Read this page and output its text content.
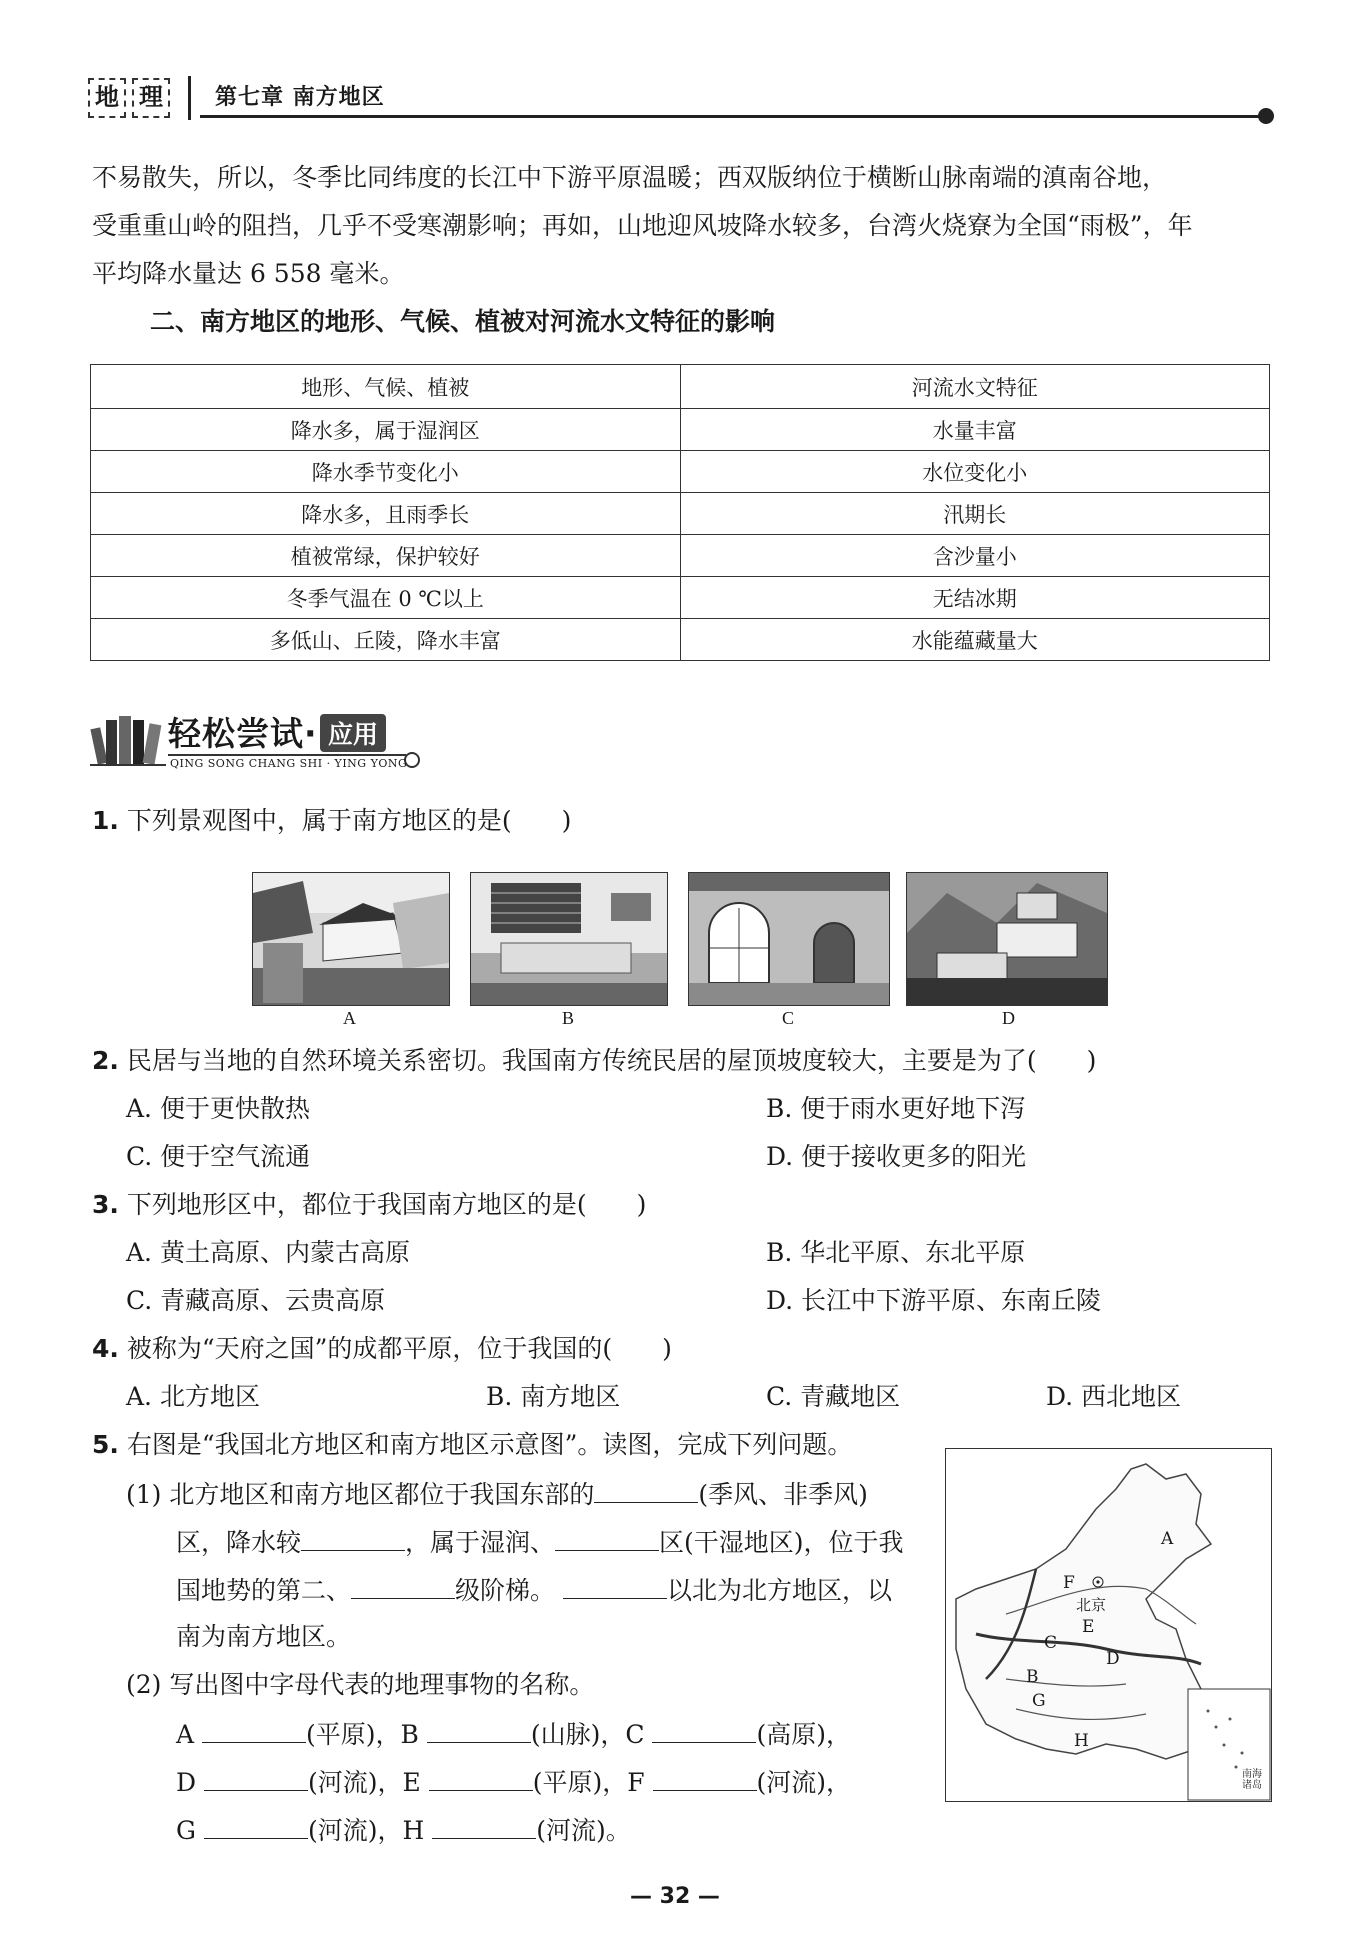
地 理	第七章 南方地区
不易散失，所以，冬季比同纬度的长江中下游平原温暖；西双版纳位于横断山脉南端的滇南谷地，
受重重山岭的阻挡，几乎不受寒潮影响；再如，山地迎风坡降水较多，台湾火烧寮为全国“雨极”，年
平均降水量达 6 558 毫米。
二、南方地区的地形、气候、植被对河流水文特征的影响
地形、气候、植被	河流水文特征
降水多，属于湿润区	水量丰富
降水季节变化小	水位变化小
降水多，且雨季长	汛期长
植被常绿，保护较好	含沙量小
冬季气温在 0 ℃以上	无结冰期
多低山、丘陵，降水丰富	水能蕴藏量大
轻松尝试· 应用
QING SONG CHANG SHI · YING YONG
1. 下列景观图中，属于南方地区的是(　　)
A	B	C	D
2. 民居与当地的自然环境关系密切。我国南方传统民居的屋顶坡度较大，主要是为了(　　)
A. 便于更快散热	B. 便于雨水更好地下泻
C. 便于空气流通	D. 便于接收更多的阳光
3. 下列地形区中，都位于我国南方地区的是(　　)
A. 黄土高原、内蒙古高原	B. 华北平原、东北平原
C. 青藏高原、云贵高原	D. 长江中下游平原、东南丘陵
4. 被称为“天府之国”的成都平原，位于我国的(　　)
A. 北方地区	B. 南方地区	C. 青藏地区	D. 西北地区
5. 右图是“我国北方地区和南方地区示意图”。读图，完成下列问题。
(1) 北方地区和南方地区都位于我国东部的	(季风、非季风)
区，降水较	，属于湿润、	区(干湿地区)，位于我
国地势的第二、	级阶梯。	以北为北方地区，以
南为南方地区。
(2) 写出图中字母代表的地理事物的名称。
A	(平原)，B	(山脉)，C	(高原)，
D	(河流)，E	(平原)，F	(河流)，
G	(河流)，H	(河流)。
A
F
北京
E
C
D
B
G
H
南海
诸岛
— 32 —
